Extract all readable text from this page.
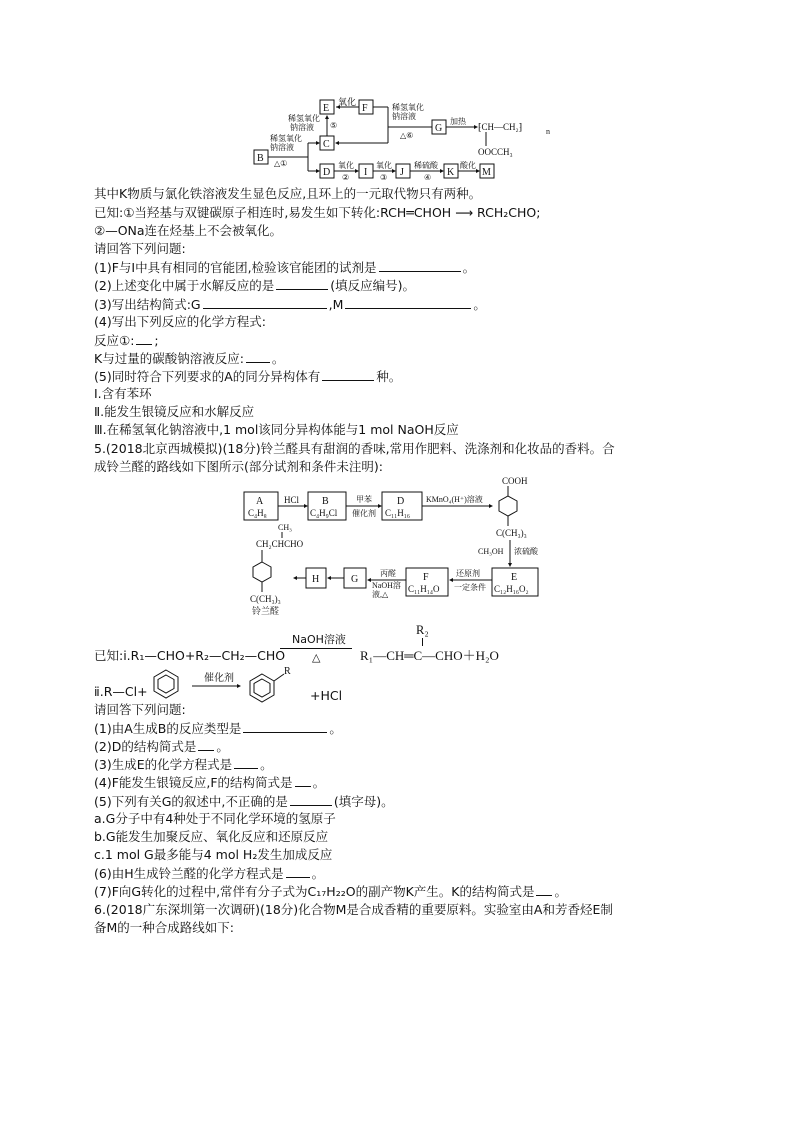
E	F
C
G
B
D	I	J	K	M
氧化
稀氢氧化
钠溶液 ⑤
稀氢氧化
钠溶液
△⑥
加热
⁅CH—CH₂⁆	n
OOCCH₃
稀氢氧化
钠溶液
△①	氧化
②
氧化
③
稀硫酸
④
酸化
其中K物质与氯化铁溶液发生显色反应,且环上的一元取代物只有两种。
已知:①当羟基与双键碳原子相连时,易发生如下转化:RCH═CHOH ⟶ RCH₂CHO;
②—ONa连在烃基上不会被氧化。
请回答下列问题:
(1)F与I中具有相同的官能团,检验该官能团的试剂是	。
(2)上述变化中属于水解反应的是	(填反应编号)。
(3)写出结构简式:G	,M	。
(4)写出下列反应的化学方程式:
反应①: ;
K与过量的碳酸钠溶液反应: 。
(5)同时符合下列要求的A的同分异构体有	种。
Ⅰ.含有苯环
Ⅱ.能发生银镜反应和水解反应
Ⅲ.在稀氢氧化钠溶液中,1 mol该同分异构体能与1 mol NaOH反应
5.(2018北京西城模拟)(18分)铃兰醛具有甜润的香味,常用作肥料、洗涤剂和化妆品的香料。合
成铃兰醛的路线如下图所示(部分试剂和条件未注明):
A
C₄H₈
B
C₄H₉Cl
D
C₁₁H₁₆
HCl	甲苯
催化剂
KMnO₄(H⁺)溶液
COOH
C(CH₃)₃
CH₃OH 浓硫酸
E
C₁₂H₁₆O₂
还原剂
一定条件
F
C₁₁H₁₄O
丙醛
NaOH溶
液,△
G
H
CH₃
CH₂CHCHO
C(CH₃)₃
铃兰醛
已知:ⅰ.R₁—CHO+R₂—CH₂—CHO
NaOH溶液
△
R₂
R₁—CH═C—CHO＋H₂O
ⅱ.R—Cl+
催化剂
R
+HCl
请回答下列问题:
(1)由A生成B的反应类型是	。
(2)D的结构简式是 。
(3)生成E的化学方程式是 。
(4)F能发生银镜反应,F的结构简式是 。
(5)下列有关G的叙述中,不正确的是	(填字母)。
a.G分子中有4种处于不同化学环境的氢原子
b.G能发生加聚反应、氧化反应和还原反应
c.1 mol G最多能与4 mol H₂发生加成反应
(6)由H生成铃兰醛的化学方程式是 。
(7)F向G转化的过程中,常伴有分子式为C₁₇H₂₂O的副产物K产生。K的结构简式是 。
6.(2018广东深圳第一次调研)(18分)化合物M是合成香精的重要原料。实验室由A和芳香烃E制
备M的一种合成路线如下:
